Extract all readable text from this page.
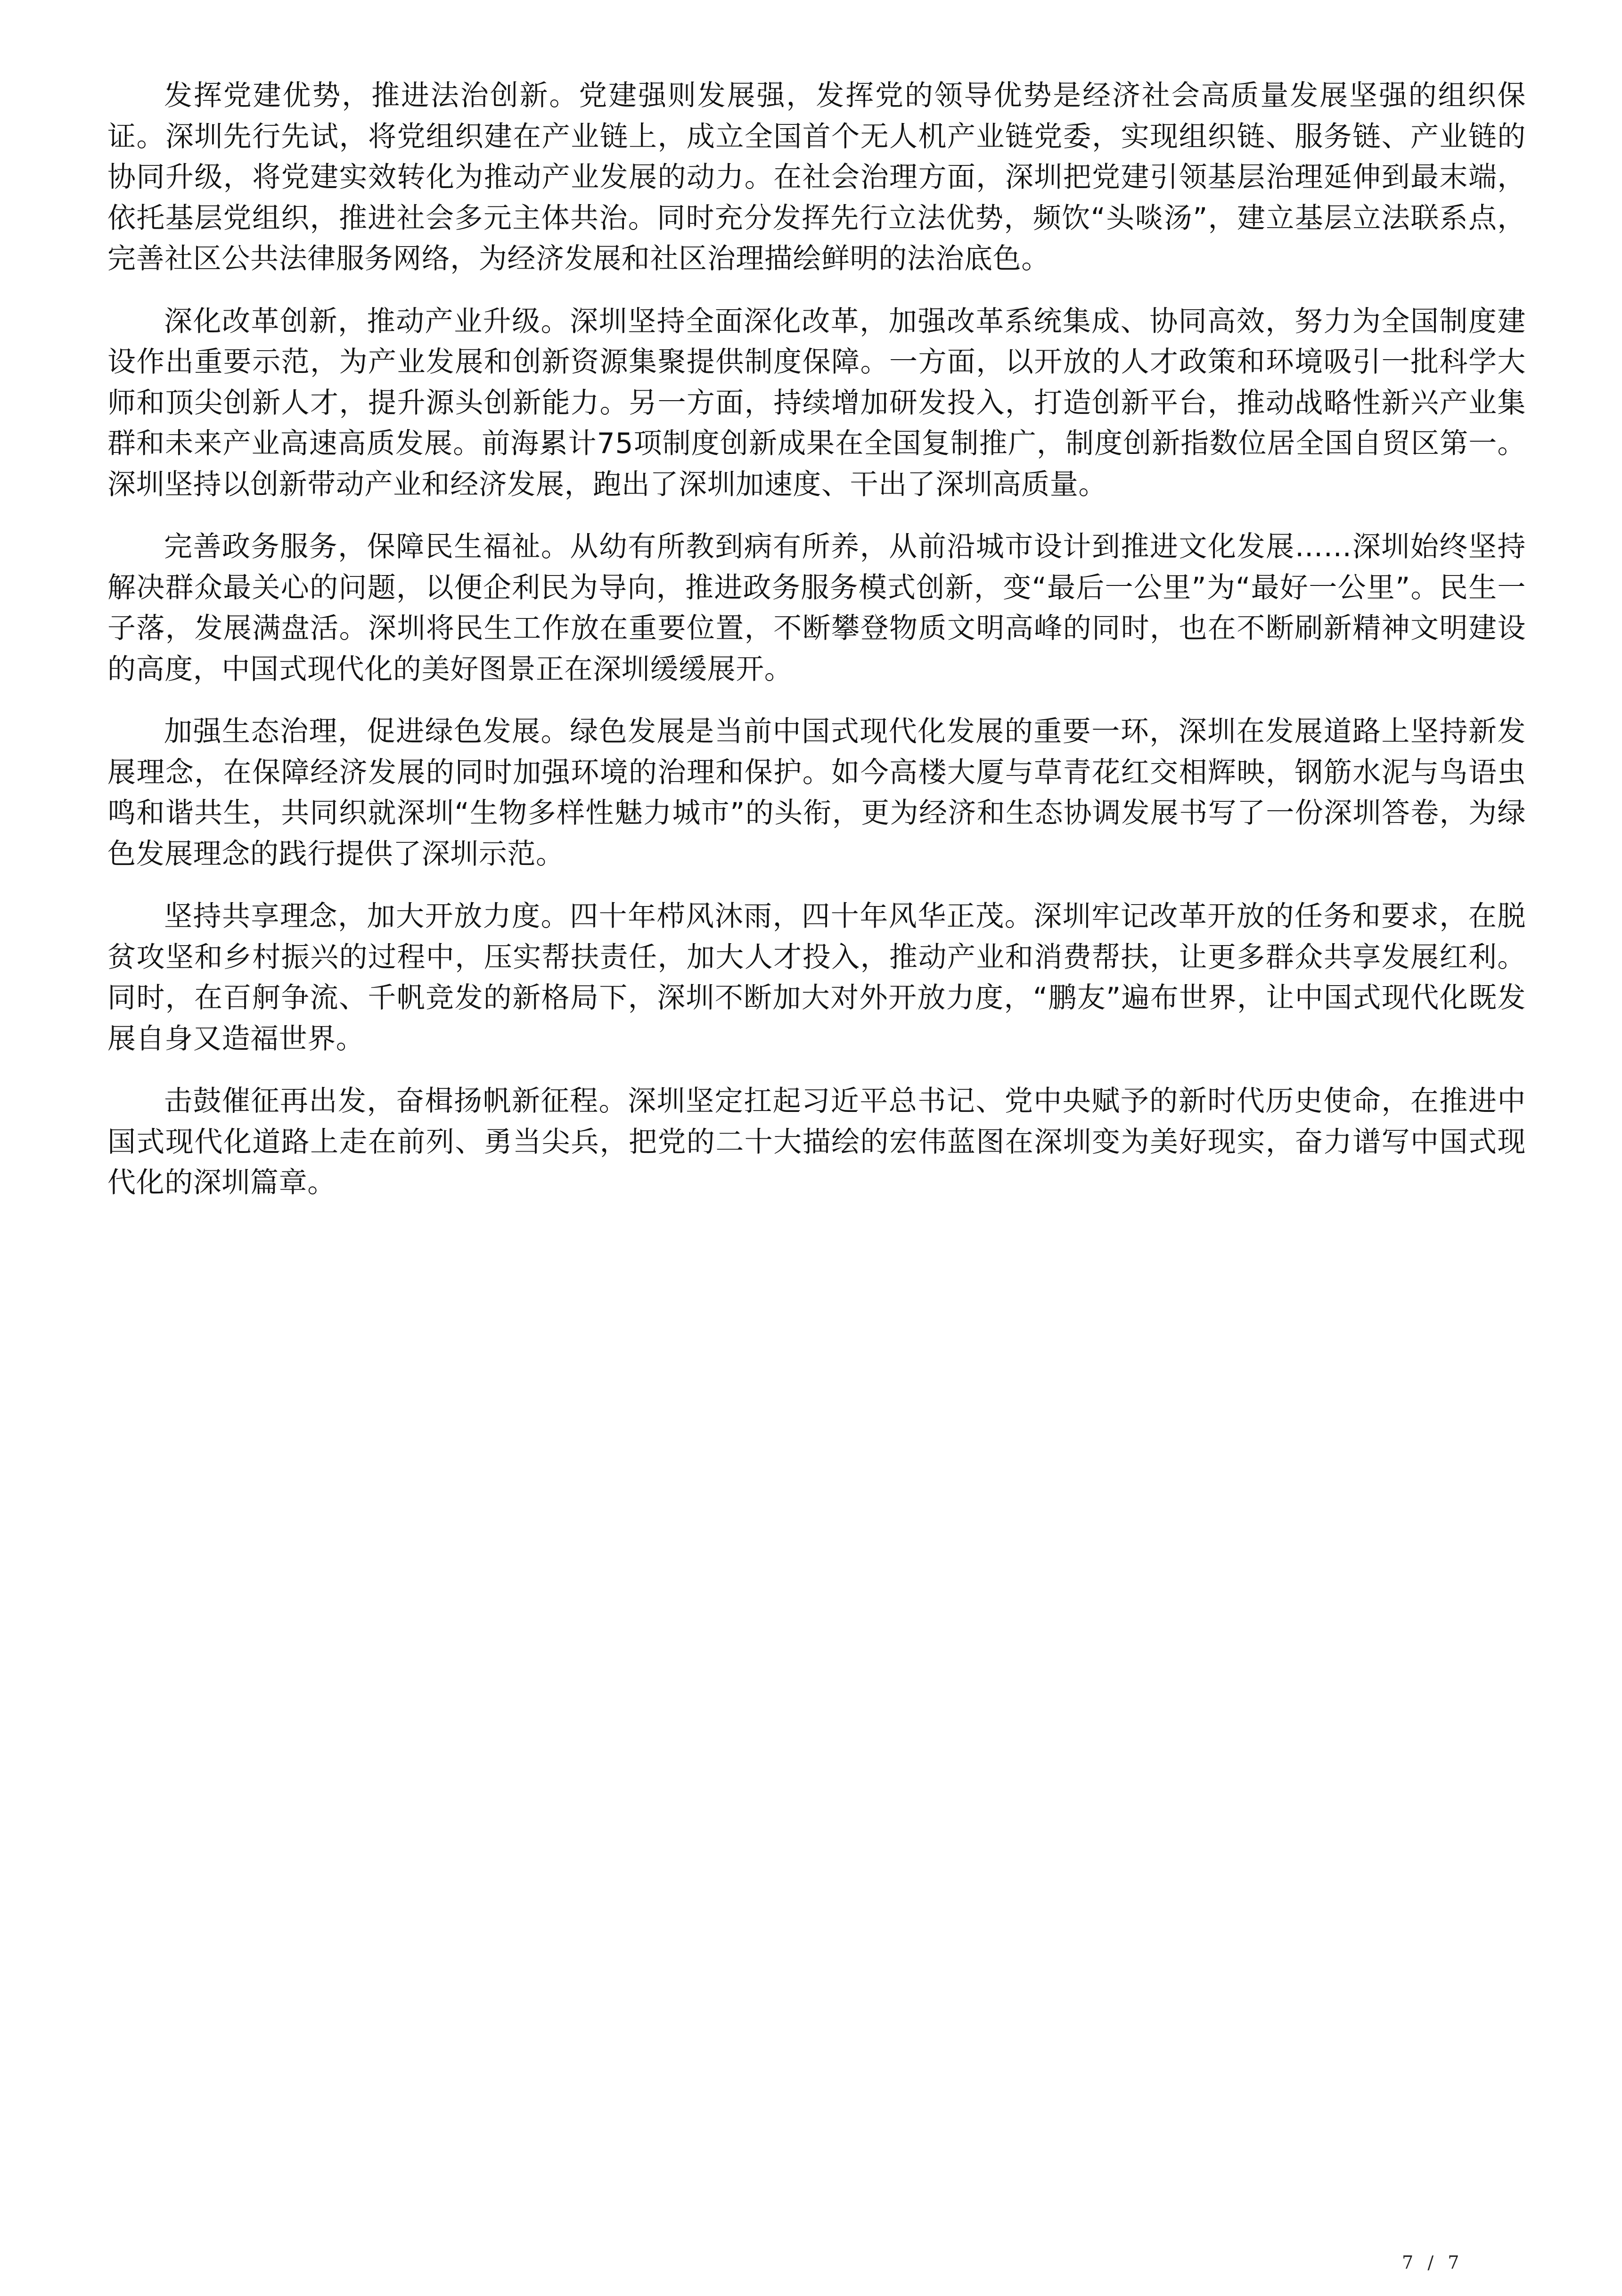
发挥党建优势，推进法治创新。党建强则发展强，发挥党的领导优势是经济社会高质量发展坚强的组织保证。深圳先行先试，将党组织建在产业链上，成立全国首个无人机产业链党委，实现组织链、服务链、产业链的协同升级，将党建实效转化为推动产业发展的动力。在社会治理方面，深圳把党建引领基层治理延伸到最末端，依托基层党组织，推进社会多元主体共治。同时充分发挥先行立法优势，频饮“头啖汤”，建立基层立法联系点，完善社区公共法律服务网络，为经济发展和社区治理描绘鲜明的法治底色。

深化改革创新，推动产业升级。深圳坚持全面深化改革，加强改革系统集成、协同高效，努力为全国制度建设作出重要示范，为产业发展和创新资源集聚提供制度保障。一方面，以开放的人才政策和环境吸引一批科学大师和顶尖创新人才，提升源头创新能力。另一方面，持续增加研发投入，打造创新平台，推动战略性新兴产业集群和未来产业高速高质发展。前海累计75项制度创新成果在全国复制推广，制度创新指数位居全国自贸区第一。深圳坚持以创新带动产业和经济发展，跑出了深圳加速度、干出了深圳高质量。

完善政务服务，保障民生福祉。从幼有所教到病有所养，从前沿城市设计到推进文化发展……深圳始终坚持解决群众最关心的问题，以便企利民为导向，推进政务服务模式创新，变“最后一公里”为“最好一公里”。民生一子落，发展满盘活。深圳将民生工作放在重要位置，不断攀登物质文明高峰的同时，也在不断刷新精神文明建设的高度，中国式现代化的美好图景正在深圳缓缓展开。

加强生态治理，促进绿色发展。绿色发展是当前中国式现代化发展的重要一环，深圳在发展道路上坚持新发展理念，在保障经济发展的同时加强环境的治理和保护。如今高楼大厦与草青花红交相辉映，钢筋水泥与鸟语虫鸣和谐共生，共同织就深圳“生物多样性魅力城市”的头衔，更为经济和生态协调发展书写了一份深圳答卷，为绿色发展理念的践行提供了深圳示范。

坚持共享理念，加大开放力度。四十年栉风沐雨，四十年风华正茂。深圳牢记改革开放的任务和要求，在脱贫攻坚和乡村振兴的过程中，压实帮扶责任，加大人才投入，推动产业和消费帮扶，让更多群众共享发展红利。同时，在百舸争流、千帆竞发的新格局下，深圳不断加大对外开放力度，“鹏友”遍布世界，让中国式现代化既发展自身又造福世界。

击鼓催征再出发，奋楫扬帆新征程。深圳坚定扛起习近平总书记、党中央赋予的新时代历史使命，在推进中国式现代化道路上走在前列、勇当尖兵，把党的二十大描绘的宏伟蓝图在深圳变为美好现实，奋力谱写中国式现代化的深圳篇章。

7  /  7
